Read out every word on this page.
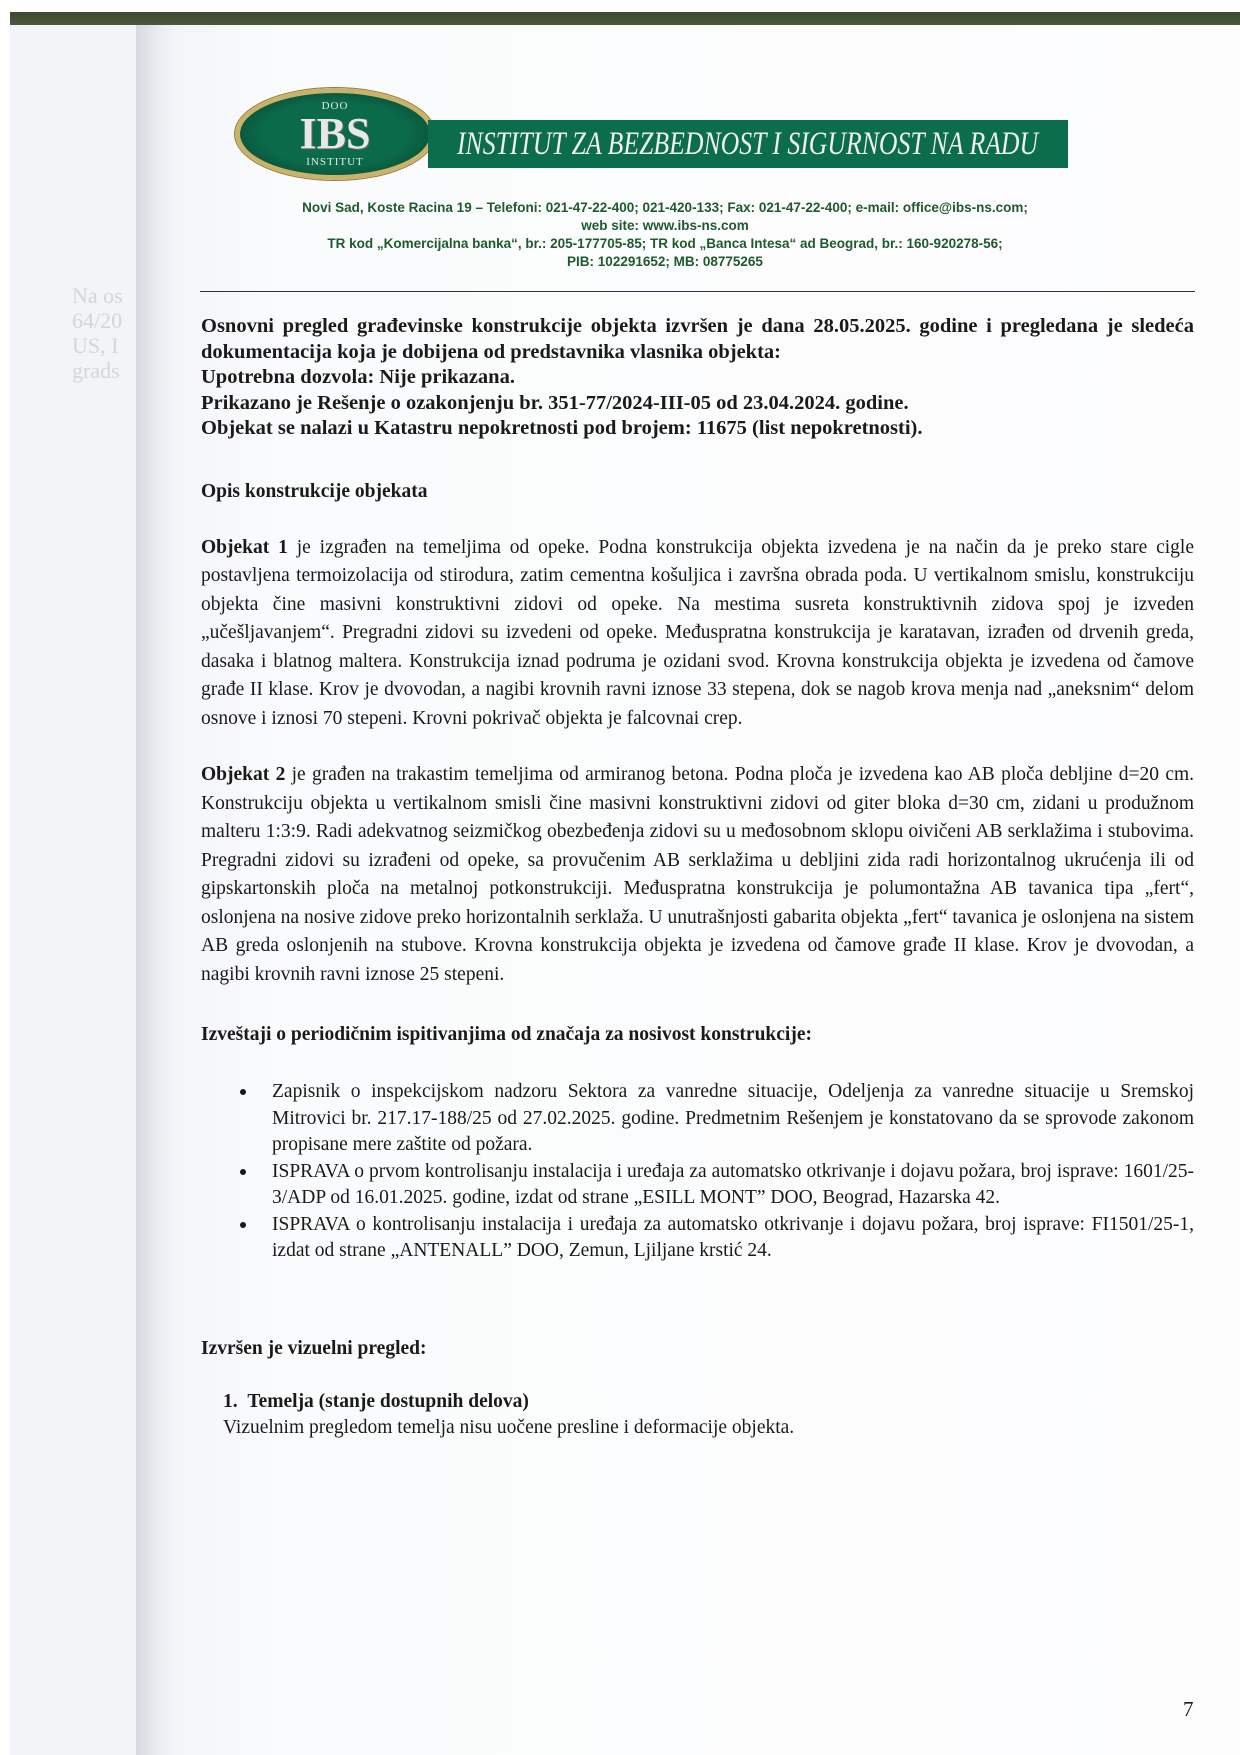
Na os
64/20
US, I
grads
DOO
IBS
INSTITUT
INSTITUT ZA BEZBEDNOST I SIGURNOST NA RADU
Novi Sad, Koste Racina 19 – Telefoni: 021-47-22-400; 021-420-133; Fax: 021-47-22-400; e-mail: office@ibs-ns.com;
web site: www.ibs-ns.com
TR kod „Komercijalna banka“, br.: 205-177705-85; TR kod „Banca Intesa“ ad Beograd, br.: 160-920278-56;
PIB: 102291652; MB: 08775265

Osnovni pregled građevinske konstrukcije objekta izvršen je dana 28.05.2025. godine i pregledana je sledeća dokumentacija koja je dobijena od predstavnika vlasnika objekta:

Upotrebna dozvola: Nije prikazana.

Prikazano je Rešenje o ozakonjenju br. 351-77/2024-III-05 od 23.04.2024. godine.

Objekat se nalazi u Katastru nepokretnosti pod brojem: 11675 (list nepokretnosti).

Opis konstrukcije objekata

Objekat 1 je izgrađen na temeljima od opeke. Podna konstrukcija objekta izvedena je na način da je preko stare cigle postavljena termoizolacija od stirodura, zatim cementna košuljica i završna obrada poda. U vertikalnom smislu, konstrukciju objekta čine masivni konstruktivni zidovi od opeke. Na mestima susreta konstruktivnih zidova spoj je izveden „učešljavanjem“. Pregradni zidovi su izvedeni od opeke. Međuspratna konstrukcija je karatavan, izrađen od drvenih greda, dasaka i blatnog maltera. Konstrukcija iznad podruma je ozidani svod. Krovna konstrukcija objekta je izvedena od čamove građe II klase. Krov je dvovodan, a nagibi krovnih ravni iznose 33 stepena, dok se nagob krova menja nad „aneksnim“ delom osnove i iznosi 70 stepeni. Krovni pokrivač objekta je falcovnai crep.

Objekat 2 je građen na trakastim temeljima od armiranog betona. Podna ploča je izvedena kao AB ploča debljine d=20 cm. Konstrukciju objekta u vertikalnom smisli čine masivni konstruktivni zidovi od giter bloka d=30 cm, zidani u produžnom malteru 1:3:9. Radi adekvatnog seizmičkog obezbeđenja zidovi su u međosobnom sklopu oivičeni AB serklažima i stubovima. Pregradni zidovi su izrađeni od opeke, sa provučenim AB serklažima u debljini zida radi horizontalnog ukrućenja ili od gipskartonskih ploča na metalnoj potkonstrukciji. Međuspratna konstrukcija je polumontažna AB tavanica tipa „fert“, oslonjena na nosive zidove preko horizontalnih serklaža. U unutrašnjosti gabarita objekta „fert“ tavanica je oslonjena na sistem AB greda oslonjenih na stubove. Krovna konstrukcija objekta je izvedena od čamove građe II klase. Krov je dvovodan, a nagibi krovnih ravni iznose 25 stepeni.

Izveštaji o periodičnim ispitivanjima od značaja za nosivost konstrukcije:

Zapisnik o inspekcijskom nadzoru Sektora za vanredne situacije, Odeljenja za vanredne situacije u Sremskoj Mitrovici br. 217.17-188/25 od 27.02.2025. godine. Predmetnim Rešenjem je konstatovano da se sprovode zakonom propisane mere zaštite od požara.

ISPRAVA o prvom kontrolisanju instalacija i uređaja za automatsko otkrivanje i dojavu požara, broj isprave: 1601/25-3/ADP od 16.01.2025. godine, izdat od strane „ESILL MONT” DOO, Beograd, Hazarska 42.

ISPRAVA o kontrolisanju instalacija i uređaja za automatsko otkrivanje i dojavu požara, broj isprave: FI1501/25-1, izdat od strane „ANTENALL” DOO, Zemun, Ljiljane krstić 24.

Izvršen je vizuelni pregled:

1. Temelja (stanje dostupnih delova)
Vizuelnim pregledom temelja nisu uočene presline i deformacije objekta.
7
